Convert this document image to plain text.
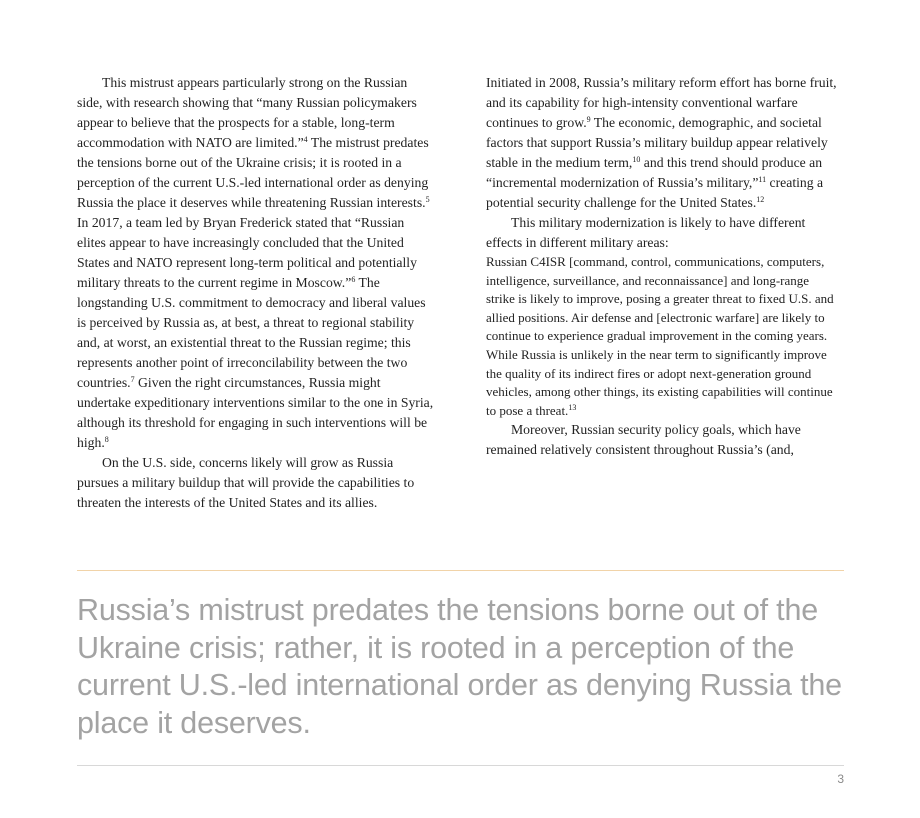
This mistrust appears particularly strong on the Russian side, with research showing that “many Russian policymakers appear to believe that the prospects for a stable, long-term accommodation with NATO are limited.”$^4$ The mistrust predates the tensions borne out of the Ukraine crisis; it is rooted in a perception of the current U.S.-led international order as denying Russia the place it deserves while threatening Russian interests.$^5$ In 2017, a team led by Bryan Frederick stated that “Russian elites appear to have increasingly concluded that the United States and NATO represent long-term political and potentially military threats to the current regime in Moscow.”$^6$ The longstanding U.S. commitment to democracy and liberal values is perceived by Russia as, at best, a threat to regional stability and, at worst, an existential threat to the Russian regime; this represents another point of irreconcilability between the two countries.$^7$ Given the right circumstances, Russia might undertake expeditionary interventions similar to the one in Syria, although its threshold for engaging in such interventions will be high.$^8$

On the U.S. side, concerns likely will grow as Russia pursues a military buildup that will provide the capabilities to threaten the interests of the United States and its allies.

Initiated in 2008, Russia’s military reform effort has borne fruit, and its capability for high-intensity conventional warfare continues to grow.$^9$ The economic, demographic, and societal factors that support Russia’s military buildup appear relatively stable in the medium term,$^{10}$ and this trend should produce an “incremental modernization of Russia’s military,”$^{11}$ creating a potential security challenge for the United States.$^{12}$

This military modernization is likely to have different effects in different military areas:

Russian C4ISR [command, control, communications, computers, intelligence, surveillance, and reconnaissance] and long-range strike is likely to improve, posing a greater threat to fixed U.S. and allied positions. Air defense and [electronic warfare] are likely to continue to experience gradual improvement in the coming years. While Russia is unlikely in the near term to significantly improve the quality of its indirect fires or adopt next-generation ground vehicles, among other things, its existing capabilities will continue to pose a threat.$^{13}$

Moreover, Russian security policy goals, which have remained relatively consistent throughout Russia’s (and,

Russia’s mistrust predates the tensions borne out of the Ukraine crisis; rather, it is rooted in a perception of the current U.S.-led international order as denying Russia the place it deserves.

3
